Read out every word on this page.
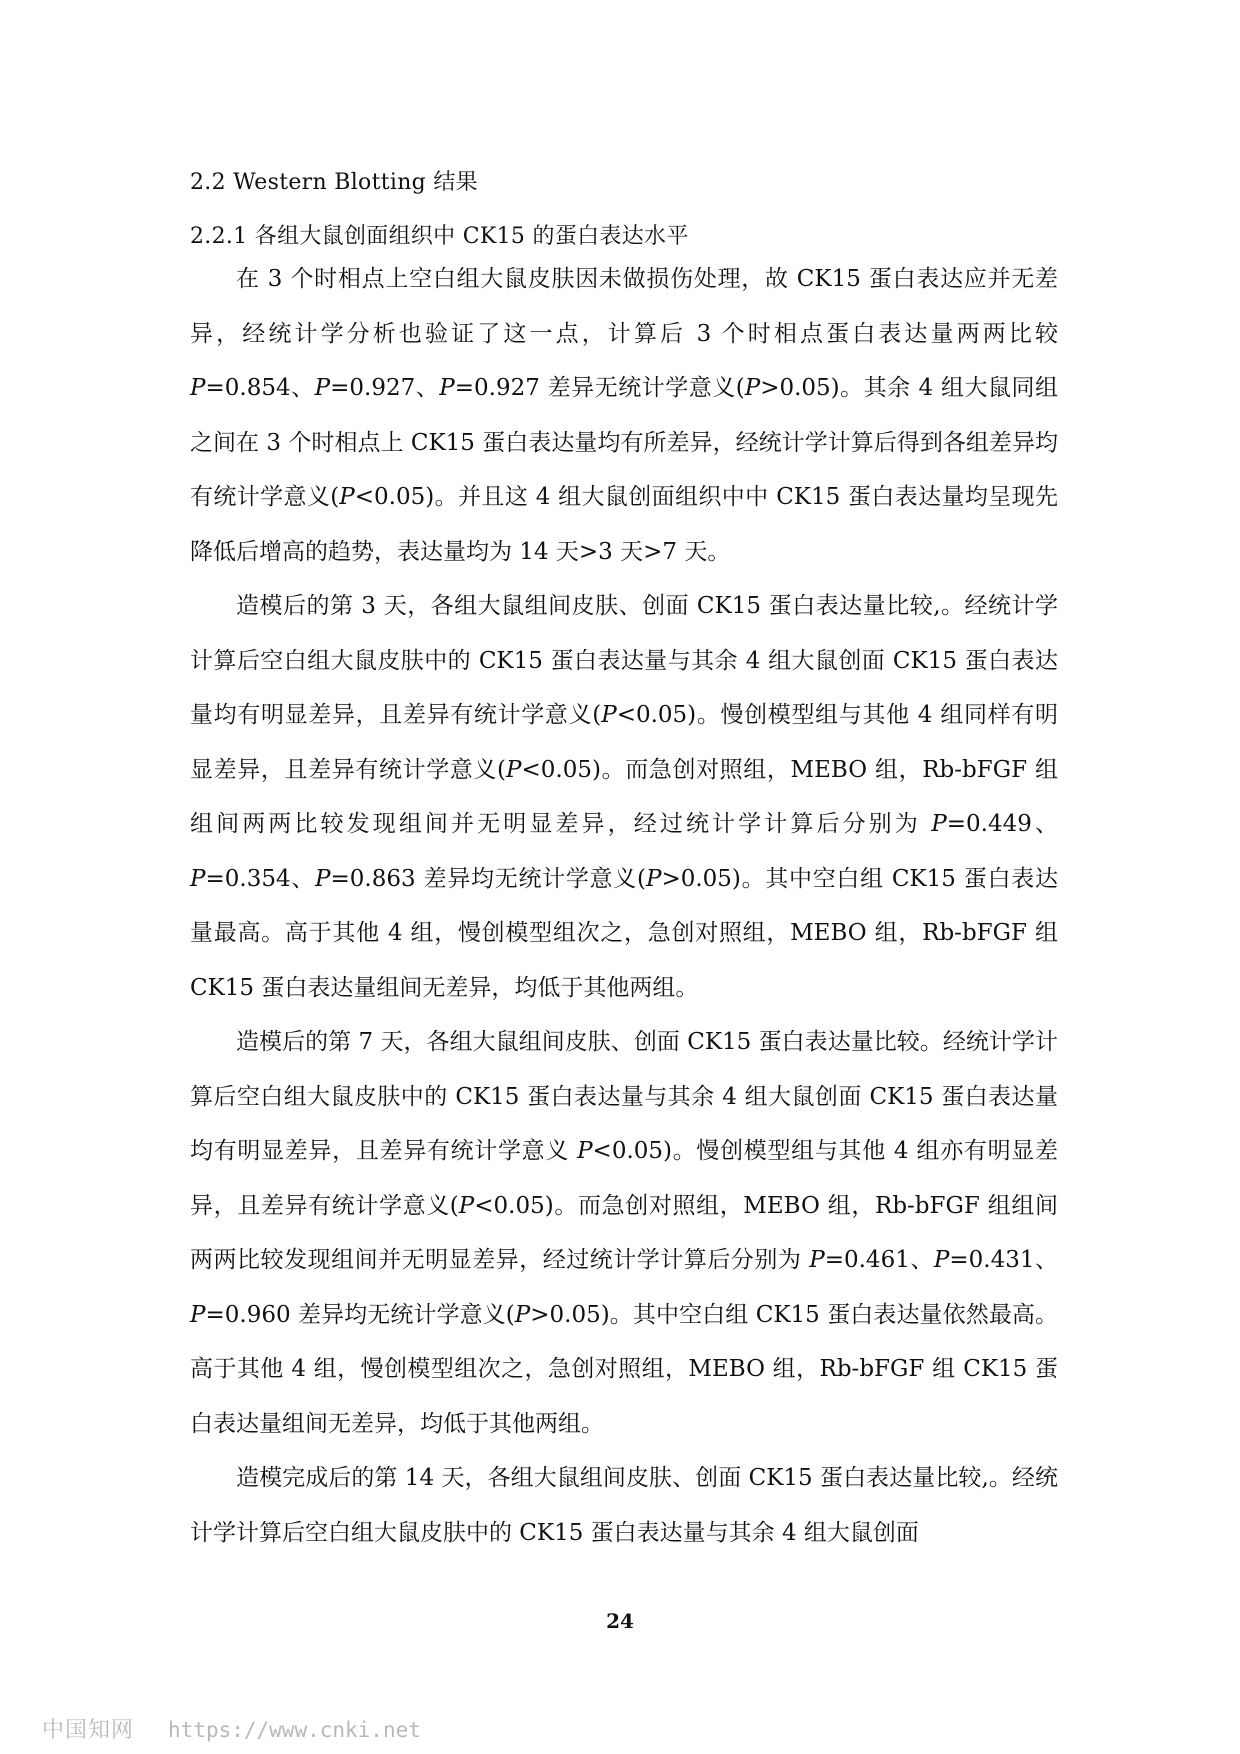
2.2 Western Blotting 结果
2.2.1 各组大鼠创面组织中 CK15 的蛋白表达水平

在 3 个时相点上空白组大鼠皮肤因未做损伤处理，故 CK15 蛋白表达应并无差异，经统计学分析也验证了这一点，计算后 3 个时相点蛋白表达量两两比较 P=0.854、P=0.927、P=0.927 差异无统计学意义(P>0.05)。其余 4 组大鼠同组之间在 3 个时相点上 CK15 蛋白表达量均有所差异，经统计学计算后得到各组差异均有统计学意义(P<0.05)。并且这 4 组大鼠创面组织中中 CK15 蛋白表达量均呈现先降低后增高的趋势，表达量均为 14 天>3 天>7 天。

造模后的第 3 天，各组大鼠组间皮肤、创面 CK15 蛋白表达量比较,。经统计学计算后空白组大鼠皮肤中的 CK15 蛋白表达量与其余 4 组大鼠创面 CK15 蛋白表达量均有明显差异，且差异有统计学意义(P<0.05)。慢创模型组与其他 4 组同样有明显差异，且差异有统计学意义(P<0.05)。而急创对照组，MEBO 组，Rb-bFGF 组组间两两比较发现组间并无明显差异，经过统计学计算后分别为 P=0.449、P=0.354、P=0.863 差异均无统计学意义(P>0.05)。其中空白组 CK15 蛋白表达量最高。高于其他 4 组，慢创模型组次之，急创对照组，MEBO 组，Rb-bFGF 组 CK15 蛋白表达量组间无差异，均低于其他两组。

造模后的第 7 天，各组大鼠组间皮肤、创面 CK15 蛋白表达量比较。经统计学计算后空白组大鼠皮肤中的 CK15 蛋白表达量与其余 4 组大鼠创面 CK15 蛋白表达量均有明显差异，且差异有统计学意义 P<0.05)。慢创模型组与其他 4 组亦有明显差异，且差异有统计学意义(P<0.05)。而急创对照组，MEBO 组，Rb-bFGF 组组间两两比较发现组间并无明显差异，经过统计学计算后分别为 P=0.461、P=0.431、P=0.960 差异均无统计学意义(P>0.05)。其中空白组 CK15 蛋白表达量依然最高。高于其他 4 组，慢创模型组次之，急创对照组，MEBO 组，Rb-bFGF 组 CK15 蛋白表达量组间无差异，均低于其他两组。

造模完成后的第 14 天，各组大鼠组间皮肤、创面 CK15 蛋白表达量比较,。经统计学计算后空白组大鼠皮肤中的 CK15 蛋白表达量与其余 4 组大鼠创面

24
中国知网 https://www.cnki.net
